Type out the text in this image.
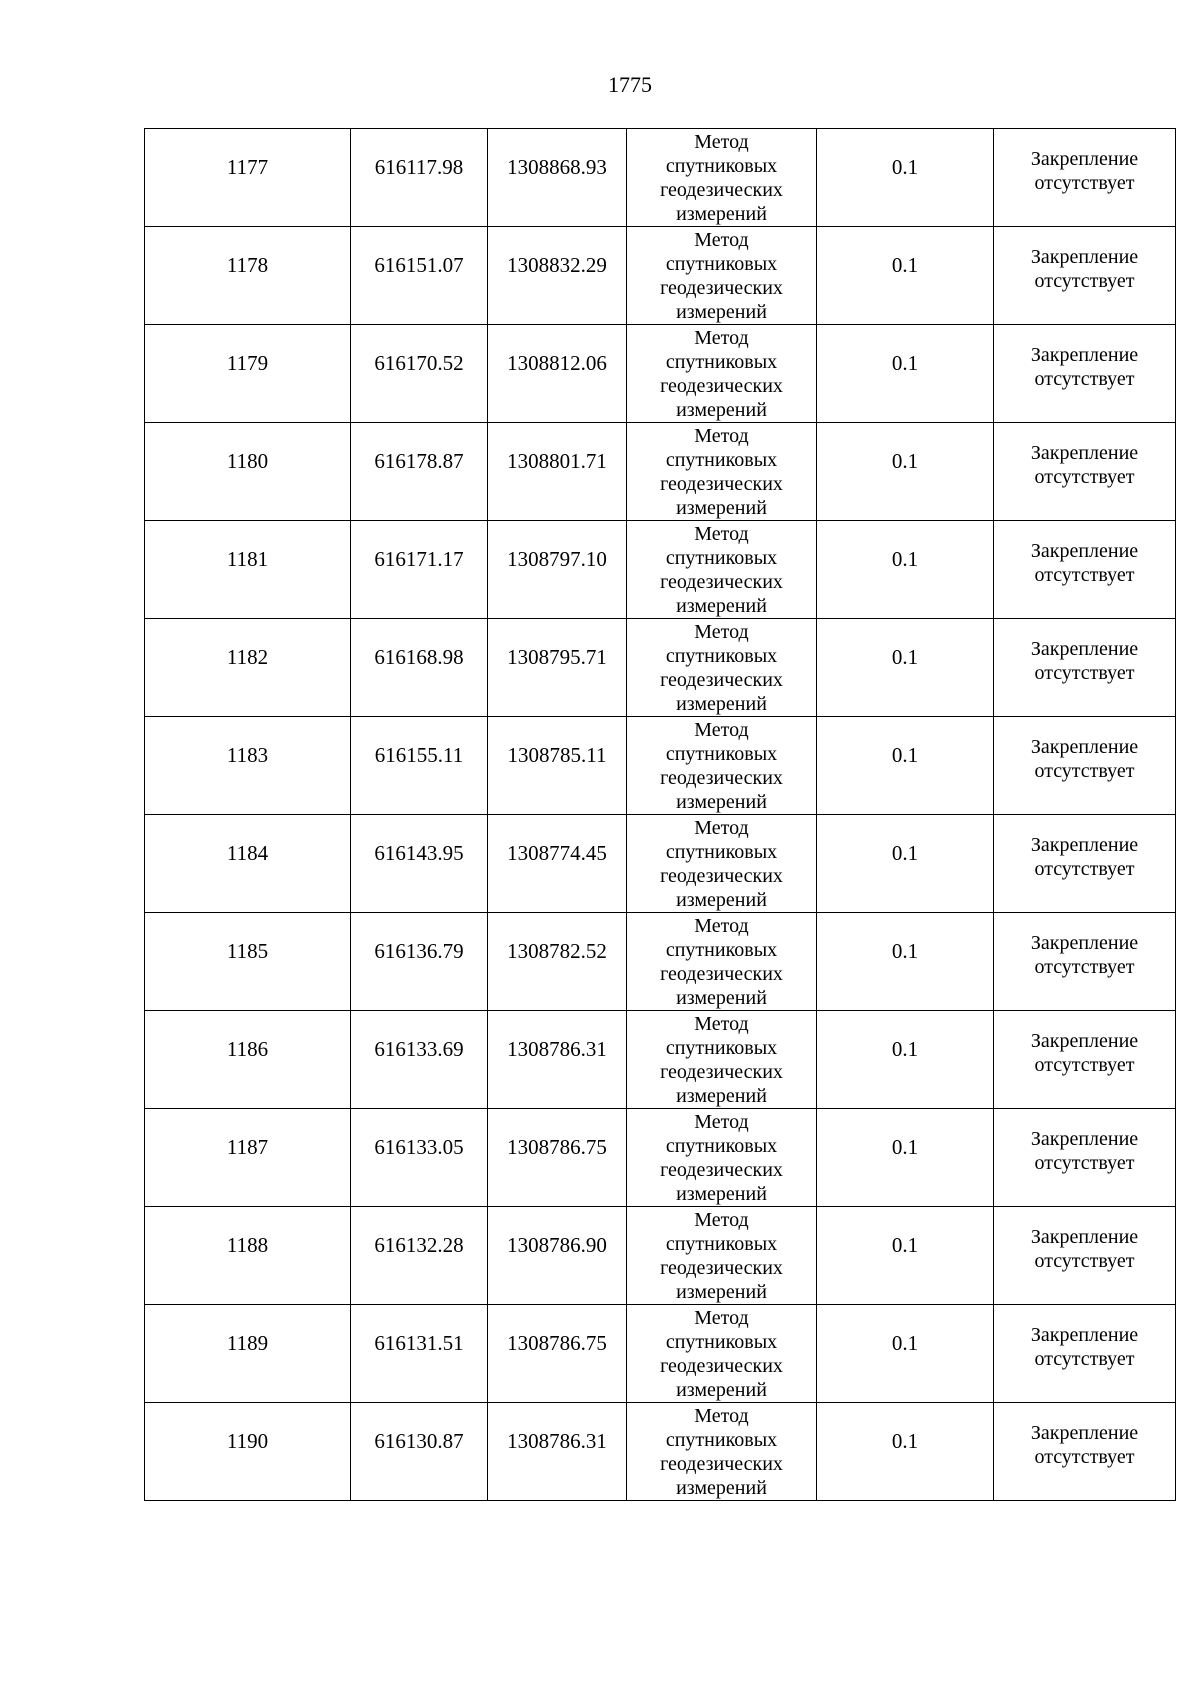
1775
1177	616117.98	1308868.93	Метод
спутниковых
геодезических
измерений	0.1	Закрепление
отсутствует

1178	616151.07	1308832.29	Метод
спутниковых
геодезических
измерений	0.1	Закрепление
отсутствует

1179	616170.52	1308812.06	Метод
спутниковых
геодезических
измерений	0.1	Закрепление
отсутствует

1180	616178.87	1308801.71	Метод
спутниковых
геодезических
измерений	0.1	Закрепление
отсутствует

1181	616171.17	1308797.10	Метод
спутниковых
геодезических
измерений	0.1	Закрепление
отсутствует

1182	616168.98	1308795.71	Метод
спутниковых
геодезических
измерений	0.1	Закрепление
отсутствует

1183	616155.11	1308785.11	Метод
спутниковых
геодезических
измерений	0.1	Закрепление
отсутствует

1184	616143.95	1308774.45	Метод
спутниковых
геодезических
измерений	0.1	Закрепление
отсутствует

1185	616136.79	1308782.52	Метод
спутниковых
геодезических
измерений	0.1	Закрепление
отсутствует

1186	616133.69	1308786.31	Метод
спутниковых
геодезических
измерений	0.1	Закрепление
отсутствует

1187	616133.05	1308786.75	Метод
спутниковых
геодезических
измерений	0.1	Закрепление
отсутствует

1188	616132.28	1308786.90	Метод
спутниковых
геодезических
измерений	0.1	Закрепление
отсутствует

1189	616131.51	1308786.75	Метод
спутниковых
геодезических
измерений	0.1	Закрепление
отсутствует

1190	616130.87	1308786.31	Метод
спутниковых
геодезических
измерений	0.1	Закрепление
отсутствует
